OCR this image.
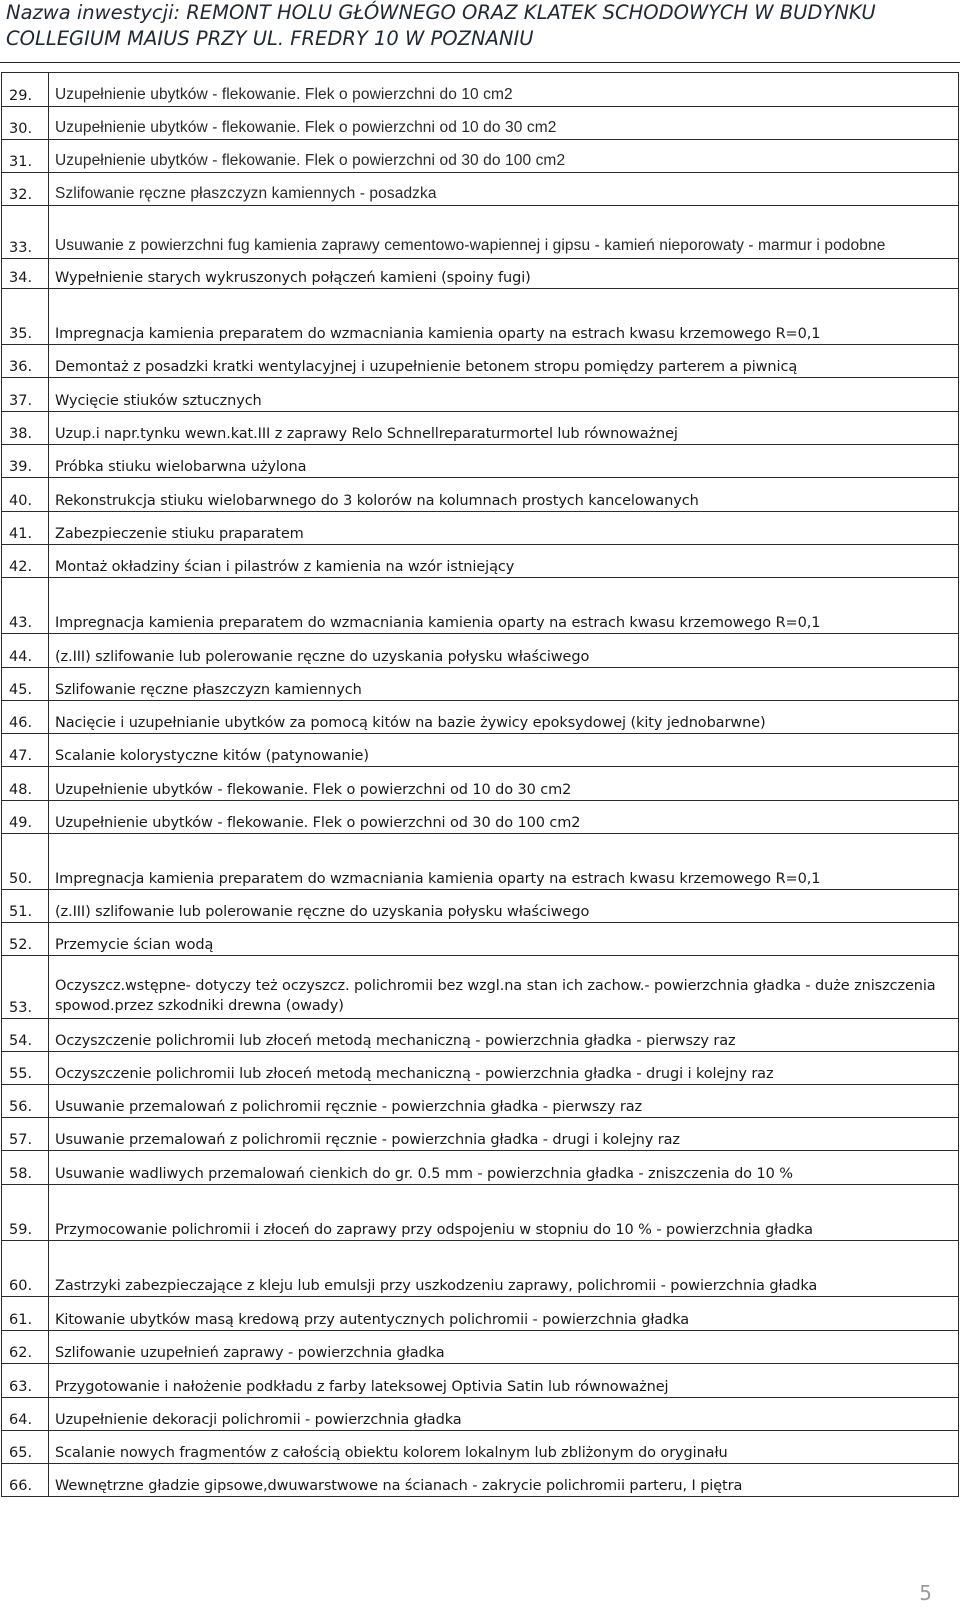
Nazwa inwestycji: REMONT HOLU GŁÓWNEGO ORAZ KLATEK SCHODOWYCH W BUDYNKU
COLLEGIUM MAIUS PRZY UL. FREDRY 10 W POZNANIU
29.	Uzupełnienie ubytków - flekowanie. Flek o powierzchni do 10 cm2
30.	Uzupełnienie ubytków - flekowanie. Flek o powierzchni od 10 do 30 cm2
31.	Uzupełnienie ubytków - flekowanie. Flek o powierzchni od 30 do 100 cm2
32.	Szlifowanie ręczne płaszczyzn kamiennych - posadzka
33.	Usuwanie z powierzchni fug kamienia zaprawy cementowo-wapiennej i gipsu - kamień nieporowaty - marmur i podobne
34.	Wypełnienie starych wykruszonych połączeń kamieni (spoiny fugi)
35.	Impregnacja kamienia preparatem do wzmacniania kamienia oparty na estrach kwasu krzemowego R=0,1
36.	Demontaż z posadzki kratki wentylacyjnej i uzupełnienie betonem stropu pomiędzy parterem a piwnicą
37.	Wycięcie stiuków sztucznych
38.	Uzup.i napr.tynku wewn.kat.III z zaprawy Relo Schnellreparaturmortel lub równoważnej
39.	Próbka stiuku wielobarwna użylona
40.	Rekonstrukcja stiuku wielobarwnego do 3 kolorów na kolumnach prostych kancelowanych
41.	Zabezpieczenie stiuku praparatem
42.	Montaż okładziny ścian i pilastrów z kamienia na wzór istniejący
43.	Impregnacja kamienia preparatem do wzmacniania kamienia oparty na estrach kwasu krzemowego R=0,1
44.	(z.III) szlifowanie lub polerowanie ręczne do uzyskania połysku właściwego
45.	Szlifowanie ręczne płaszczyzn kamiennych
46.	Nacięcie i uzupełnianie ubytków za pomocą kitów na bazie żywicy epoksydowej (kity jednobarwne)
47.	Scalanie kolorystyczne kitów (patynowanie)
48.	Uzupełnienie ubytków - flekowanie. Flek o powierzchni od 10 do 30 cm2
49.	Uzupełnienie ubytków - flekowanie. Flek o powierzchni od 30 do 100 cm2
50.	Impregnacja kamienia preparatem do wzmacniania kamienia oparty na estrach kwasu krzemowego R=0,1
51.	(z.III) szlifowanie lub polerowanie ręczne do uzyskania połysku właściwego
52.	Przemycie ścian wodą
53.	Oczyszcz.wstępne- dotyczy też oczyszcz. polichromii bez wzgl.na stan ich zachow.- powierzchnia gładka - duże zniszczenia spowod.przez szkodniki drewna (owady)
54.	Oczyszczenie polichromii lub złoceń metodą mechaniczną - powierzchnia gładka - pierwszy raz
55.	Oczyszczenie polichromii lub złoceń metodą mechaniczną - powierzchnia gładka - drugi i kolejny raz
56.	Usuwanie przemalowań z polichromii ręcznie - powierzchnia gładka - pierwszy raz
57.	Usuwanie przemalowań z polichromii ręcznie - powierzchnia gładka - drugi i kolejny raz
58.	Usuwanie wadliwych przemalowań cienkich do gr. 0.5 mm - powierzchnia gładka - zniszczenia do 10 %
59.	Przymocowanie polichromii i złoceń do zaprawy przy odspojeniu w stopniu do 10 % - powierzchnia gładka
60.	Zastrzyki zabezpieczające z kleju lub emulsji przy uszkodzeniu zaprawy, polichromii - powierzchnia gładka
61.	Kitowanie ubytków masą kredową przy autentycznych polichromii - powierzchnia gładka
62.	Szlifowanie uzupełnień zaprawy - powierzchnia gładka
63.	Przygotowanie i nałożenie podkładu z farby lateksowej Optivia Satin lub równoważnej
64.	Uzupełnienie dekoracji polichromii - powierzchnia gładka
65.	Scalanie nowych fragmentów z całością obiektu kolorem lokalnym lub zbliżonym do oryginału
66.	Wewnętrzne gładzie gipsowe,dwuwarstwowe na ścianach - zakrycie polichromii parteru, I piętra
5
